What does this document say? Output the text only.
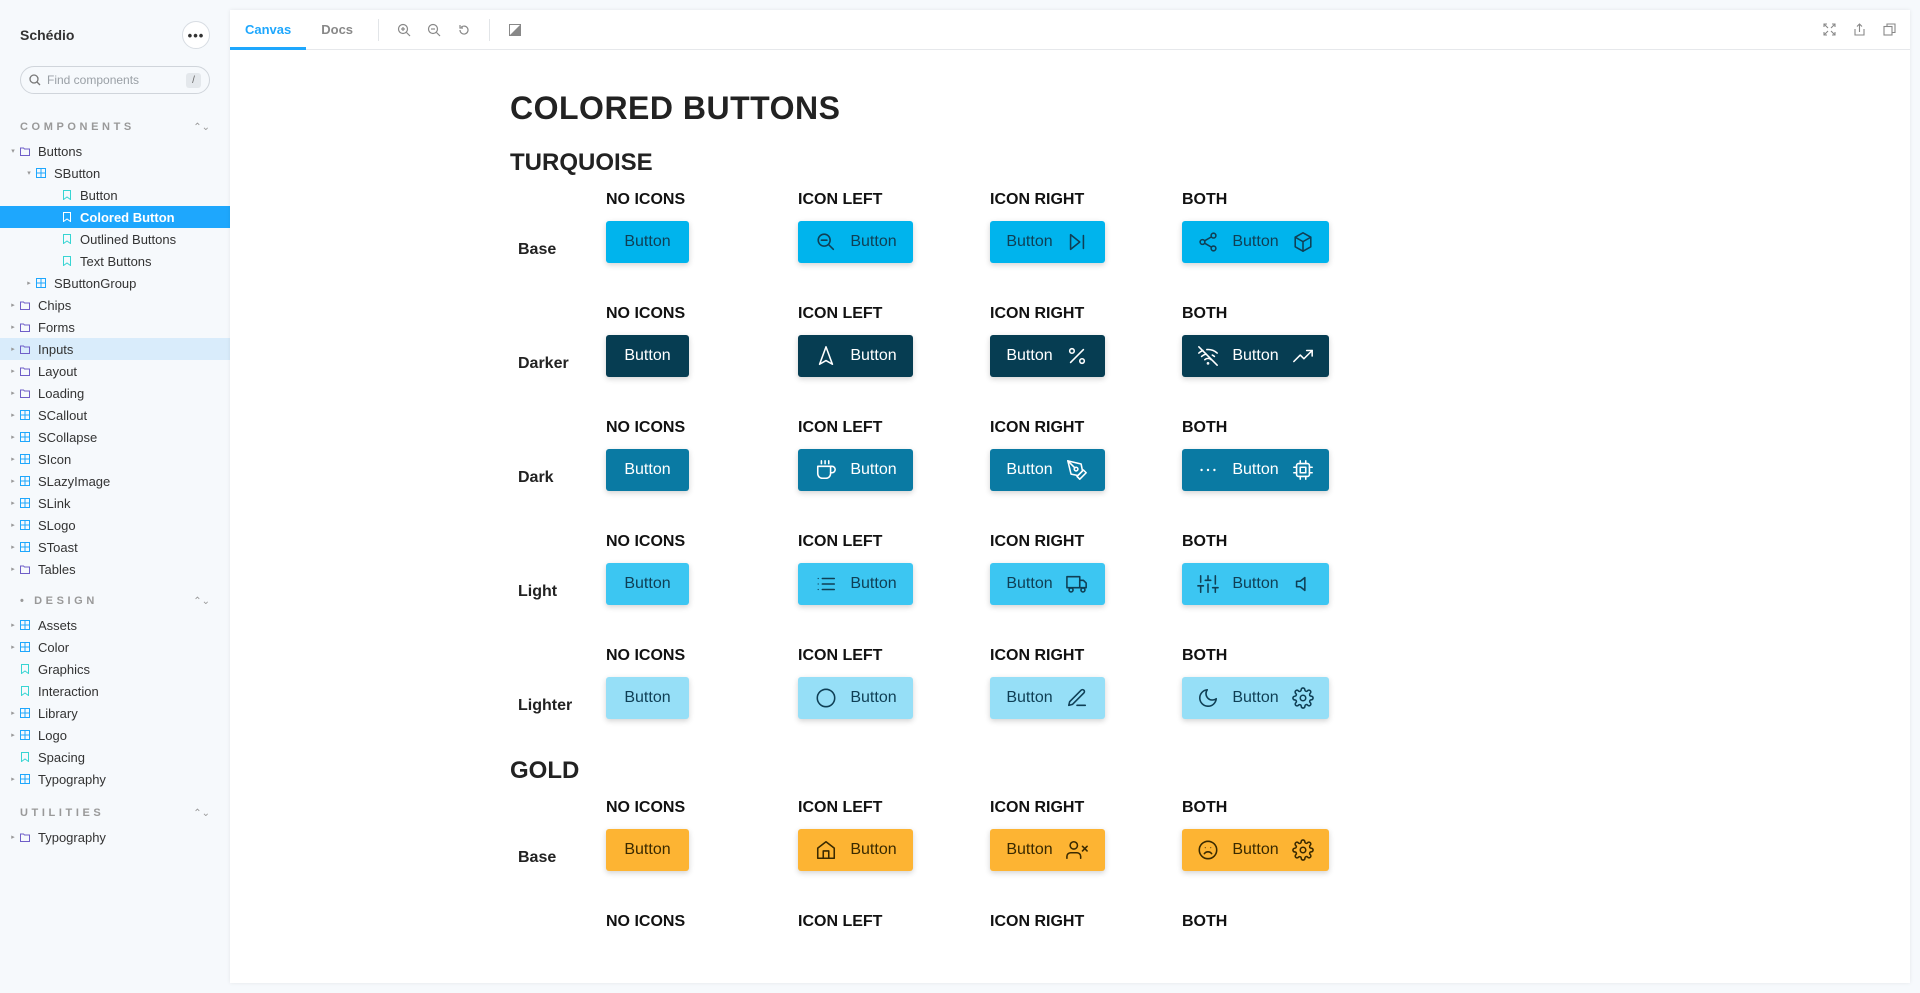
Schédio	•••
Find components
/
COMPONENTS	⌃⌄
▾ Buttons
▾ SButton
Button
Colored Button
Outlined Buttons
Text Buttons
▸ SButtonGroup
▸ Chips
▸ Forms
▸ Inputs
▸ Layout
▸ Loading
▸ SCallout
▸ SCollapse
▸ SIcon
▸ SLazyImage
▸ SLink
▸ SLogo
▸ SToast
▸ Tables
• DESIGN	⌃⌄
▸ Assets
▸ Color
Graphics
Interaction
▸ Library
▸ Logo
Spacing
▸ Typography
UTILITIES	⌃⌄
▸ Typography
Canvas	Docs
COLORED BUTTONS
TURQUOISE
NO ICONS	ICON LEFT	ICON RIGHT	BOTH
Base	Button	Button	Button	Button
NO ICONS	ICON LEFT	ICON RIGHT	BOTH
Darker	Button	Button	Button	Button
NO ICONS	ICON LEFT	ICON RIGHT	BOTH
Dark	Button	Button	Button	Button
NO ICONS	ICON LEFT	ICON RIGHT	BOTH
Light	Button	Button	Button	Button
NO ICONS	ICON LEFT	ICON RIGHT	BOTH
Lighter	Button	Button	Button	Button
GOLD
NO ICONS	ICON LEFT	ICON RIGHT	BOTH
Base	Button	Button	Button	Button
NO ICONS	ICON LEFT	ICON RIGHT	BOTH
